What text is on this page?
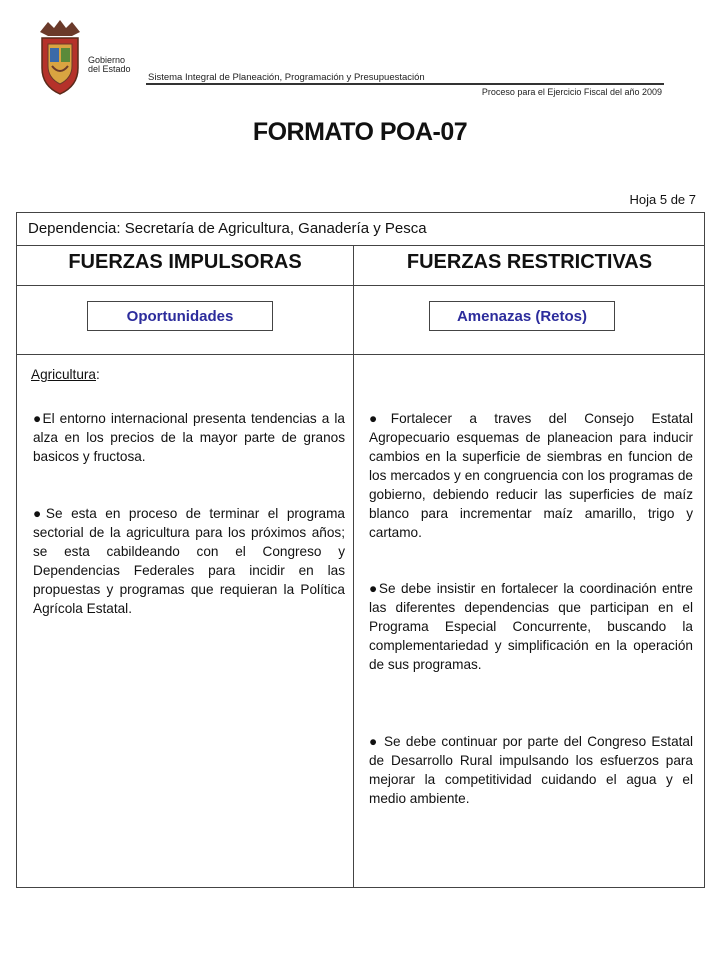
Gobierno
del Estado
Sistema Integral de Planeación, Programación y Presupuestación
Proceso para el Ejercicio Fiscal del año 2009
FORMATO POA-07
Hoja 5 de 7
Dependencia: Secretaría de Agricultura, Ganadería y Pesca
FUERZAS IMPULSORAS	FUERZAS RESTRICTIVAS
Oportunidades	Amenazas (Retos)
Agricultura:
●El entorno internacional presenta tendencias a la alza en los precios de la mayor parte de granos basicos y fructosa.
●Se esta en proceso de terminar el programa sectorial de la agricultura para los próximos años; se esta cabildeando con el Congreso y Dependencias Federales para incidir en las propuestas y programas que requieran la Política Agrícola Estatal.
●Fortalecer a traves del Consejo Estatal Agropecuario esquemas de planeacion para inducir cambios en la superficie de siembras en funcion de los mercados y en congruencia con los programas de gobierno, debiendo reducir las superficies de maíz blanco para incrementar maíz amarillo, trigo y cartamo.
●Se debe insistir en fortalecer la coordinación entre las diferentes dependencias que participan en el Programa Especial Concurrente, buscando la complementariedad y simplificación en la operación de sus programas.
● Se debe continuar por parte del Congreso Estatal de Desarrollo Rural impulsando los esfuerzos para mejorar la competitividad cuidando el agua y el medio ambiente.
